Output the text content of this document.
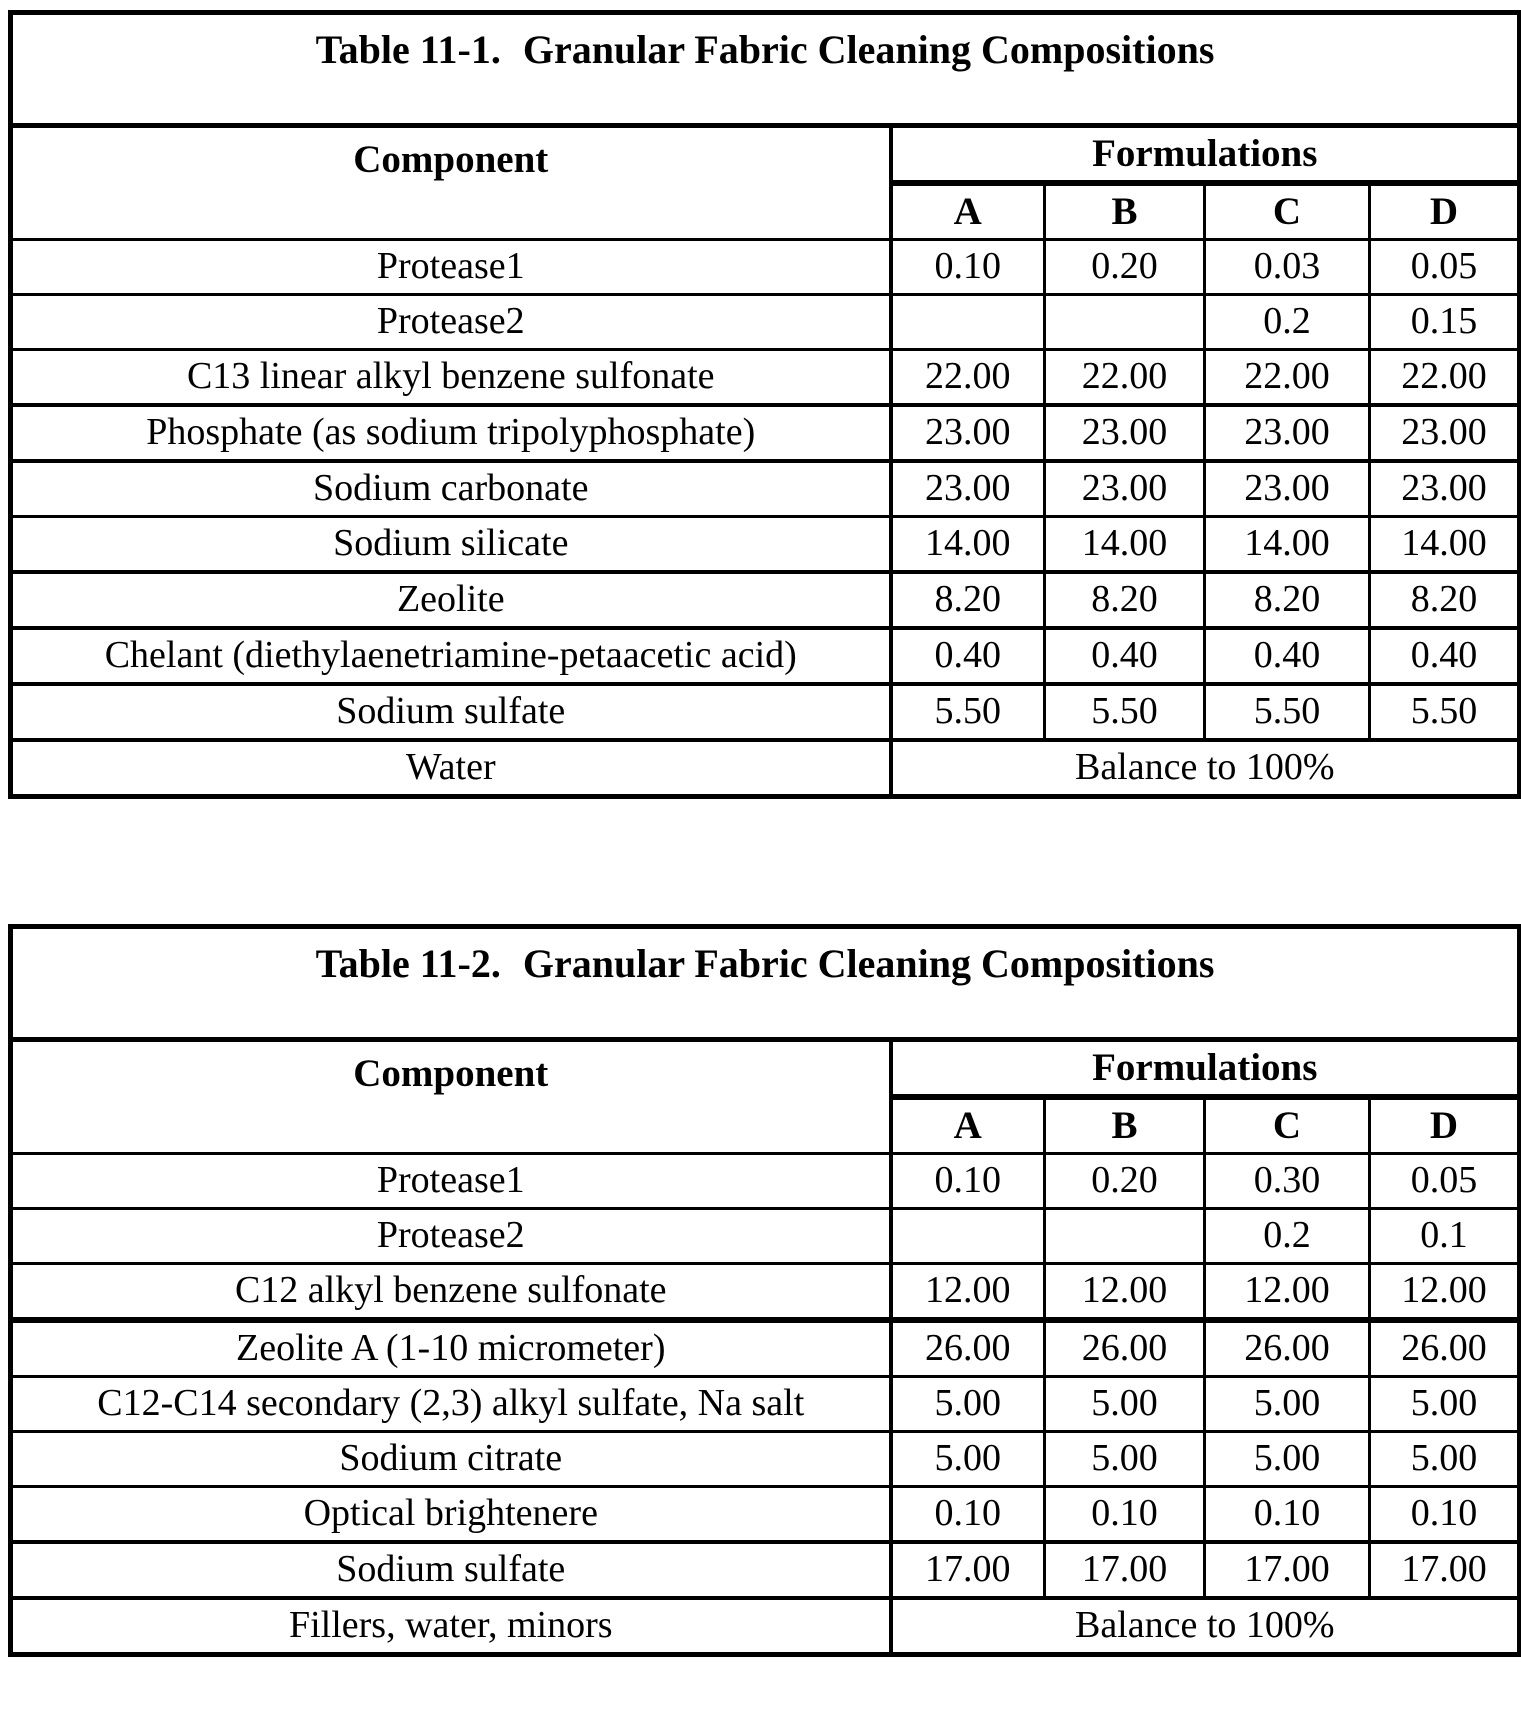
Table 11-1. Granular Fabric Cleaning Compositions				
Component	Formulations			
	A	B	C	D
Protease1	0.10	0.20	0.03	0.05
Protease2			0.2	0.15
C13 linear alkyl benzene sulfonate	22.00	22.00	22.00	22.00
Phosphate (as sodium tripolyphosphate)	23.00	23.00	23.00	23.00
Sodium carbonate	23.00	23.00	23.00	23.00
Sodium silicate	14.00	14.00	14.00	14.00
Zeolite	8.20	8.20	8.20	8.20
Chelant (diethylaenetriamine-petaacetic acid)	0.40	0.40	0.40	0.40
Sodium sulfate	5.50	5.50	5.50	5.50
Water	Balance to 100%			
Table 11-2. Granular Fabric Cleaning Compositions				
Component	Formulations			
	A	B	C	D
Protease1	0.10	0.20	0.30	0.05
Protease2			0.2	0.1
C12 alkyl benzene sulfonate	12.00	12.00	12.00	12.00
Zeolite A (1-10 micrometer)	26.00	26.00	26.00	26.00
C12-C14 secondary (2,3) alkyl sulfate, Na salt	5.00	5.00	5.00	5.00
Sodium citrate	5.00	5.00	5.00	5.00
Optical brightenere	0.10	0.10	0.10	0.10
Sodium sulfate	17.00	17.00	17.00	17.00
Fillers, water, minors	Balance to 100%			
